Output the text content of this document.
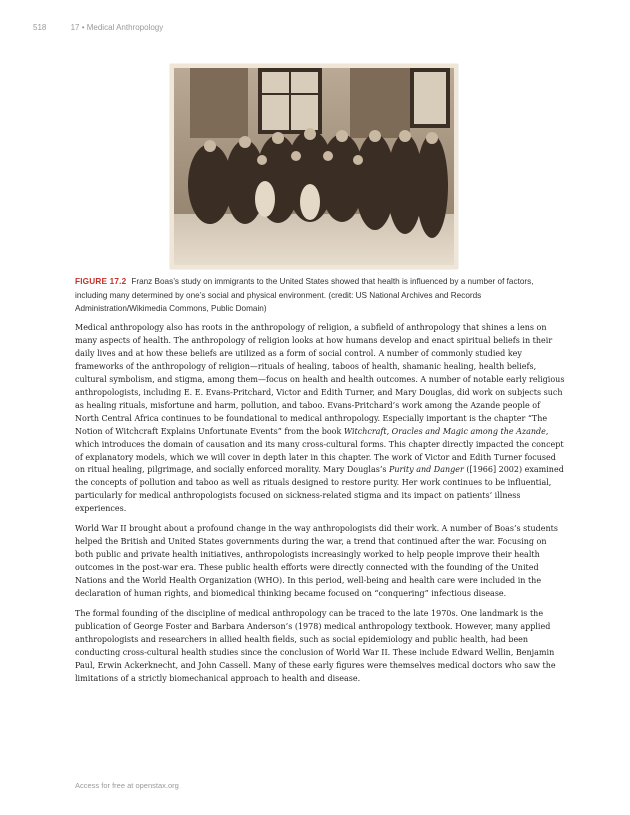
518	17 • Medical Anthropology
FIGURE 17.2 Franz Boas’s study on immigrants to the United States showed that health is influenced by a number of factors, including many determined by one’s social and physical environment. (credit: US National Archives and Records Administration/Wikimedia Commons, Public Domain)

Medical anthropology also has roots in the anthropology of religion, a subfield of anthropology that shines a lens on many aspects of health. The anthropology of religion looks at how humans develop and enact spiritual beliefs in their daily lives and at how these beliefs are utilized as a form of social control. A number of commonly studied key frameworks of the anthropology of religion—rituals of healing, taboos of health, shamanic healing, health beliefs, cultural symbolism, and stigma, among them—focus on health and health outcomes. A number of notable early religious anthropologists, including E. E. Evans-Pritchard, Victor and Edith Turner, and Mary Douglas, did work on subjects such as healing rituals, misfortune and harm, pollution, and taboo. Evans-Pritchard’s work among the Azande people of North Central Africa continues to be foundational to medical anthropology. Especially important is the chapter “The Notion of Witchcraft Explains Unfortunate Events” from the book Witchcraft, Oracles and Magic among the Azande, which introduces the domain of causation and its many cross-cultural forms. This chapter directly impacted the concept of explanatory models, which we will cover in depth later in this chapter. The work of Victor and Edith Turner focused on ritual healing, pilgrimage, and socially enforced morality. Mary Douglas’s Purity and Danger ([1966] 2002) examined the concepts of pollution and taboo as well as rituals designed to restore purity. Her work continues to be influential, particularly for medical anthropologists focused on sickness-related stigma and its impact on patients’ illness experiences.

World War II brought about a profound change in the way anthropologists did their work. A number of Boas’s students helped the British and United States governments during the war, a trend that continued after the war. Focusing on both public and private health initiatives, anthropologists increasingly worked to help people improve their health outcomes in the post-war era. These public health efforts were directly connected with the founding of the United Nations and the World Health Organization (WHO). In this period, well-being and health care were included in the declaration of human rights, and biomedical thinking became focused on “conquering” infectious disease.

The formal founding of the discipline of medical anthropology can be traced to the late 1970s. One landmark is the publication of George Foster and Barbara Anderson’s (1978) medical anthropology textbook. However, many applied anthropologists and researchers in allied health fields, such as social epidemiology and public health, had been conducting cross-cultural health studies since the conclusion of World War II. These include Edward Wellin, Benjamin Paul, Erwin Ackerknecht, and John Cassell. Many of these early figures were themselves medical doctors who saw the limitations of a strictly biomechanical approach to health and disease.

Access for free at openstax.org
